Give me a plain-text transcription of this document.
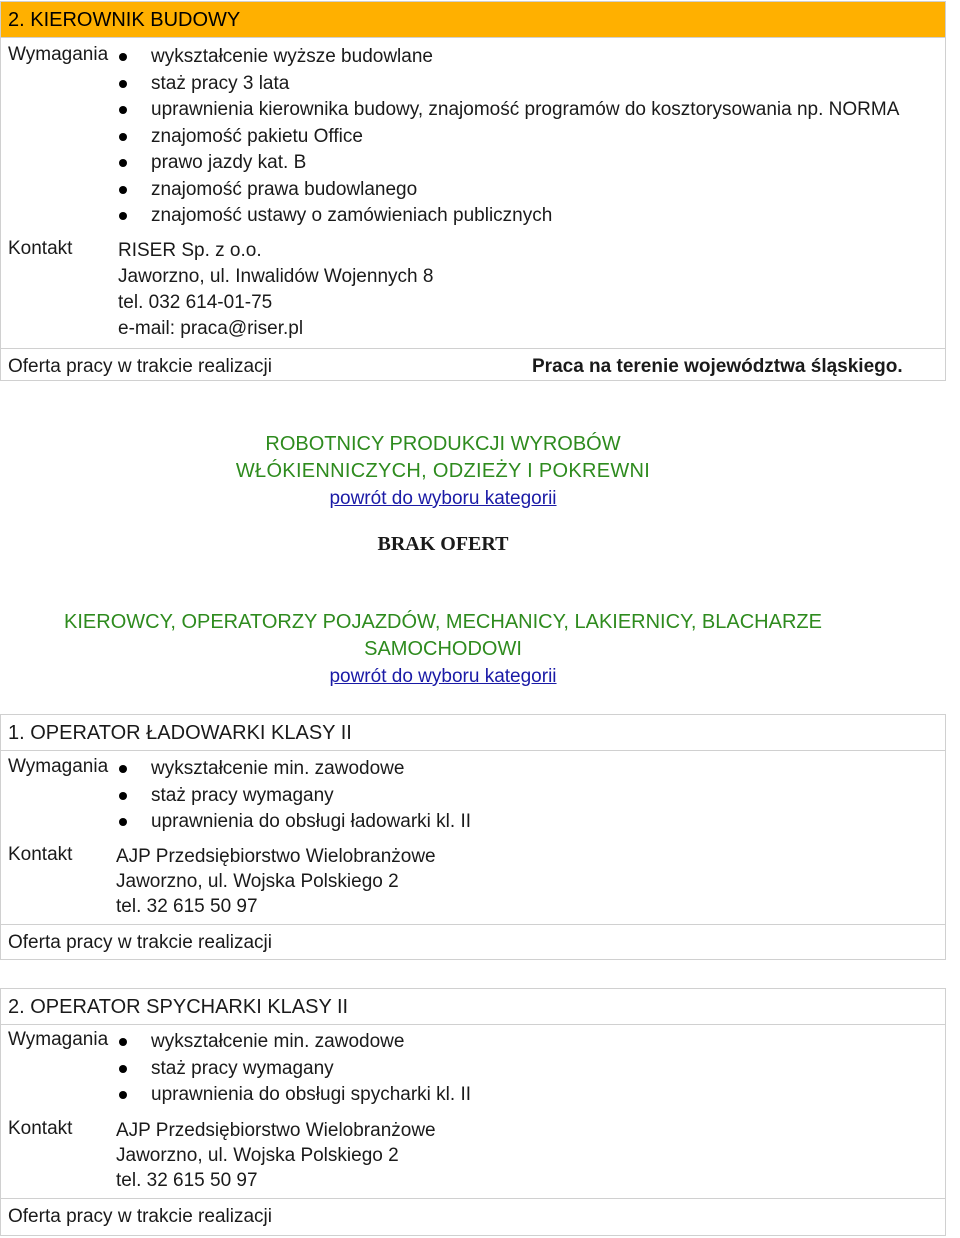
2. KIEROWNIK BUDOWY
Wymagania	wykształcenie wyższe budowlane
staż pracy 3 lata
uprawnienia kierownika budowy, znajomość programów do kosztorysowania np. NORMA
znajomość pakietu Office
prawo jazdy kat. B
znajomość prawa budowlanego
znajomość ustawy o zamówieniach publicznych
Kontakt RISER Sp. z o.o.
Jaworzno, ul. Inwalidów Wojennych 8
tel. 032 614-01-75
e-mail: praca@riser.pl
Oferta pracy w trakcie realizacji	Praca na terenie województwa śląskiego.
ROBOTNICY PRODUKCJI WYROBÓW
WŁÓKIENNICZYCH, ODZIEŻY I POKREWNI
powrót do wyboru kategorii
BRAK OFERT
KIEROWCY, OPERATORZY POJAZDÓW, MECHANICY, LAKIERNICY, BLACHARZE
SAMOCHODOWI
powrót do wyboru kategorii
1. OPERATOR ŁADOWARKI KLASY II
Wymagania	wykształcenie min. zawodowe
staż pracy wymagany
uprawnienia do obsługi ładowarki kl. II
Kontakt AJP Przedsiębiorstwo Wielobranżowe
Jaworzno, ul. Wojska Polskiego 2
tel. 32 615 50 97
Oferta pracy w trakcie realizacji
2. OPERATOR SPYCHARKI KLASY II
Wymagania	wykształcenie min. zawodowe
staż pracy wymagany
uprawnienia do obsługi spycharki kl. II
Kontakt AJP Przedsiębiorstwo Wielobranżowe
Jaworzno, ul. Wojska Polskiego 2
tel. 32 615 50 97
Oferta pracy w trakcie realizacji
